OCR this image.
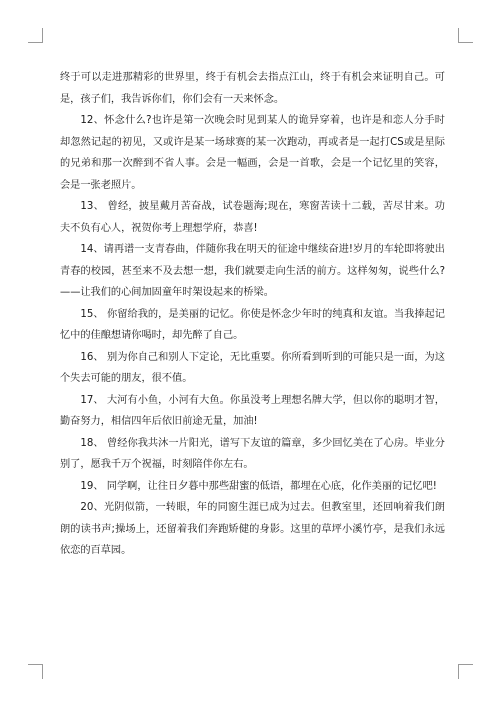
终于可以走进那精彩的世界里，终于有机会去指点江山，终于有机会来证明自己。可是，孩子们，我告诉你们，你们会有一天来怀念。

12、怀念什么?也许是第一次晚会时见到某人的诡异穿着，也许是和恋人分手时却忽然记起的初见，又或许是某一场球赛的某一次跑动，再或者是一起打CS或是星际的兄弟和那一次醉到不省人事。会是一幅画，会是一首歌，会是一个记忆里的笑容，会是一张老照片。

13、 曾经，披星戴月苦奋战，试卷题海;现在，寒窗苦读十二载，苦尽甘来。功夫不负有心人，祝贺你考上理想学府，恭喜!

14、请再谱一支青春曲，伴随你我在明天的征途中继续奋进!岁月的车轮即将驶出青春的校园，甚至来不及去想一想，我们就要走向生活的前方。这样匆匆，说些什么?——让我们的心间加固童年时架设起来的桥梁。

15、 你留给我的，是美丽的记忆。你使是怀念少年时的纯真和友谊。当我捧起记忆中的佳酿想请你喝时，却先醉了自己。

16、 别为你自己和别人下定论，无比重要。你所看到听到的可能只是一面，为这个失去可能的朋友，很不值。

17、 大河有小鱼，小河有大鱼。你虽没考上理想名牌大学，但以你的聪明才智，勤奋努力，相信四年后依旧前途无量，加油!

18、 曾经你我共沐一片阳光，谱写下友谊的篇章，多少回忆美在了心房。毕业分别了，愿我千万个祝福，时刻陪伴你左右。

19、 同学啊，让往日夕暮中那些甜蜜的低语，都埋在心底，化作美丽的记忆吧!

20、光阴似箭，一转眼，年的同窗生涯已成为过去。但教室里，还回响着我们朗朗的读书声;操场上，还留着我们奔跑矫健的身影。这里的草坪小溪竹亭，是我们永远依恋的百草园。
